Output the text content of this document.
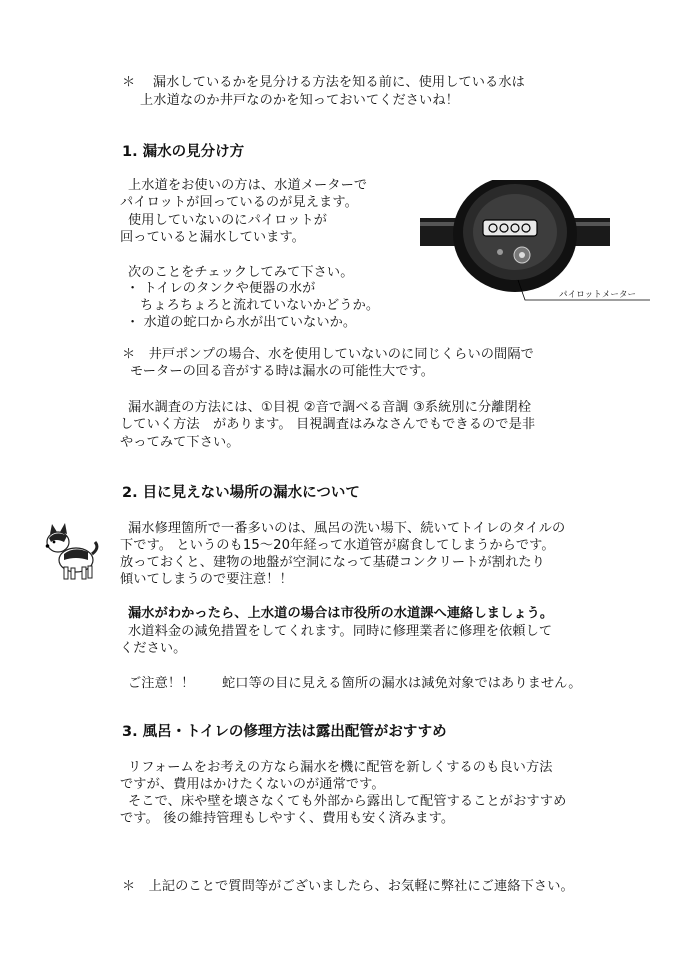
＊　 漏水しているかを見分ける方法を知る前に、使用している水は
上水道なのか井戸なのかを知っておいてくださいね！
1. 漏水の見分け方
上水道をお使いの方は、水道メーターで
パイロットが回っているのが見えます。
使用していないのにパイロットが
回っていると漏水しています。
次のことをチェックしてみて下さい。
・ トイレのタンクや便器の水が
ちょろちょろと流れていないかどうか。
・ 水道の蛇口から水が出ていないか。
パイロットメーター
＊　井戸ポンプの場合、水を使用していないのに同じくらいの間隔で
モーターの回る音がする時は漏水の可能性大です。
漏水調査の方法には、①目視 ②音で調べる音調 ③系統別に分離閉栓
していく方法　があります。 目視調査はみなさんでもできるので是非
やってみて下さい。
2. 目に見えない場所の漏水について
漏水修理箇所で一番多いのは、風呂の洗い場下、続いてトイレのタイルの
下です。 というのも15～20年経って水道管が腐食してしまうからです。
放っておくと、建物の地盤が空洞になって基礎コンクリートが割れたり
傾いてしまうので要注意！！
漏水がわかったら、上水道の場合は市役所の水道課へ連絡しましょう。
水道料金の減免措置をしてくれます。同時に修理業者に修理を依頼して
ください。
ご注意！！ 蛇口等の目に見える箇所の漏水は減免対象ではありません。
3. 風呂・トイレの修理方法は露出配管がおすすめ
リフォームをお考えの方なら漏水を機に配管を新しくするのも良い方法
ですが、費用はかけたくないのが通常です。
そこで、床や壁を壊さなくても外部から露出して配管することがおすすめ
です。 後の維持管理もしやすく、費用も安く済みます。
＊　上記のことで質問等がございましたら、お気軽に弊社にご連絡下さい。
